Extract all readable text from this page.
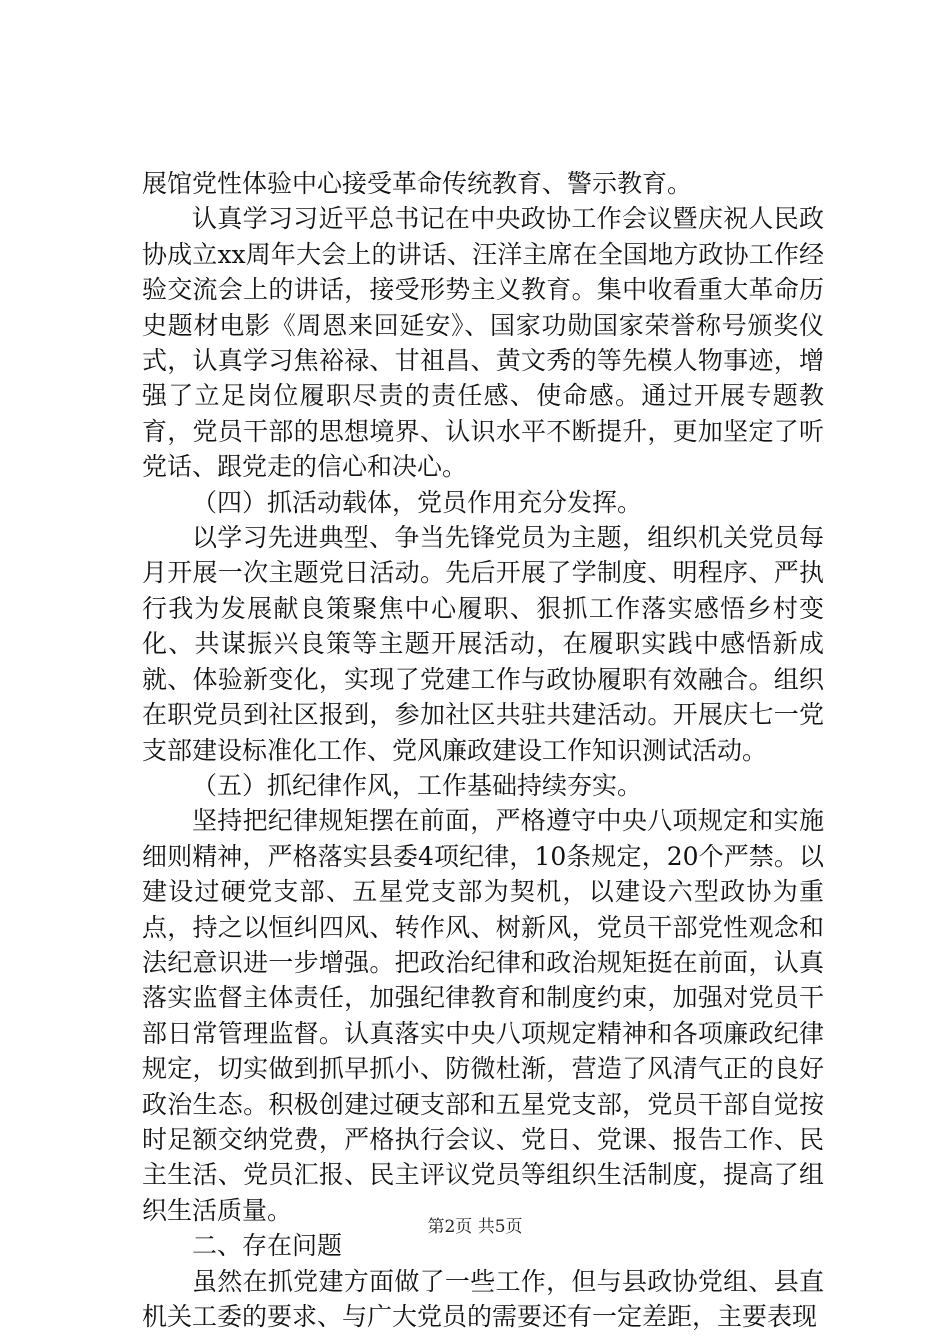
展馆党性体验中心接受革命传统教育、警示教育。

认真学习习近平总书记在中央政协工作会议暨庆祝人民政协成立xx周年大会上的讲话、汪洋主席在全国地方政协工作经验交流会上的讲话，接受形势主义教育。集中收看重大革命历史题材电影《周恩来回延安》、国家功勋国家荣誉称号颁奖仪式，认真学习焦裕禄、甘祖昌、黄文秀的等先模人物事迹，增强了立足岗位履职尽责的责任感、使命感。通过开展专题教育，党员干部的思想境界、认识水平不断提升，更加坚定了听党话、跟党走的信心和决心。

（四）抓活动载体，党员作用充分发挥。

以学习先进典型、争当先锋党员为主题，组织机关党员每月开展一次主题党日活动。先后开展了学制度、明程序、严执行我为发展献良策聚焦中心履职、狠抓工作落实感悟乡村变化、共谋振兴良策等主题开展活动，在履职实践中感悟新成就、体验新变化，实现了党建工作与政协履职有效融合。组织在职党员到社区报到，参加社区共驻共建活动。开展庆七一党支部建设标准化工作、党风廉政建设工作知识测试活动。

（五）抓纪律作风，工作基础持续夯实。

坚持把纪律规矩摆在前面，严格遵守中央八项规定和实施细则精神，严格落实县委4项纪律，10条规定，20个严禁。以建设过硬党支部、五星党支部为契机，以建设六型政协为重点，持之以恒纠四风、转作风、树新风，党员干部党性观念和法纪意识进一步增强。把政治纪律和政治规矩挺在前面，认真落实监督主体责任，加强纪律教育和制度约束，加强对党员干部日常管理监督。认真落实中央八项规定精神和各项廉政纪律规定，切实做到抓早抓小、防微杜渐，营造了风清气正的良好政治生态。积极创建过硬支部和五星党支部，党员干部自觉按时足额交纳党费，严格执行会议、党日、党课、报告工作、民主生活、党员汇报、民主评议党员等组织生活制度，提高了组织生活质量。

二、存在问题

虽然在抓党建方面做了一些工作，但与县政协党组、县直机关工委的要求、与广大党员的需要还有一定差距，主要表现

第2页 共5页
